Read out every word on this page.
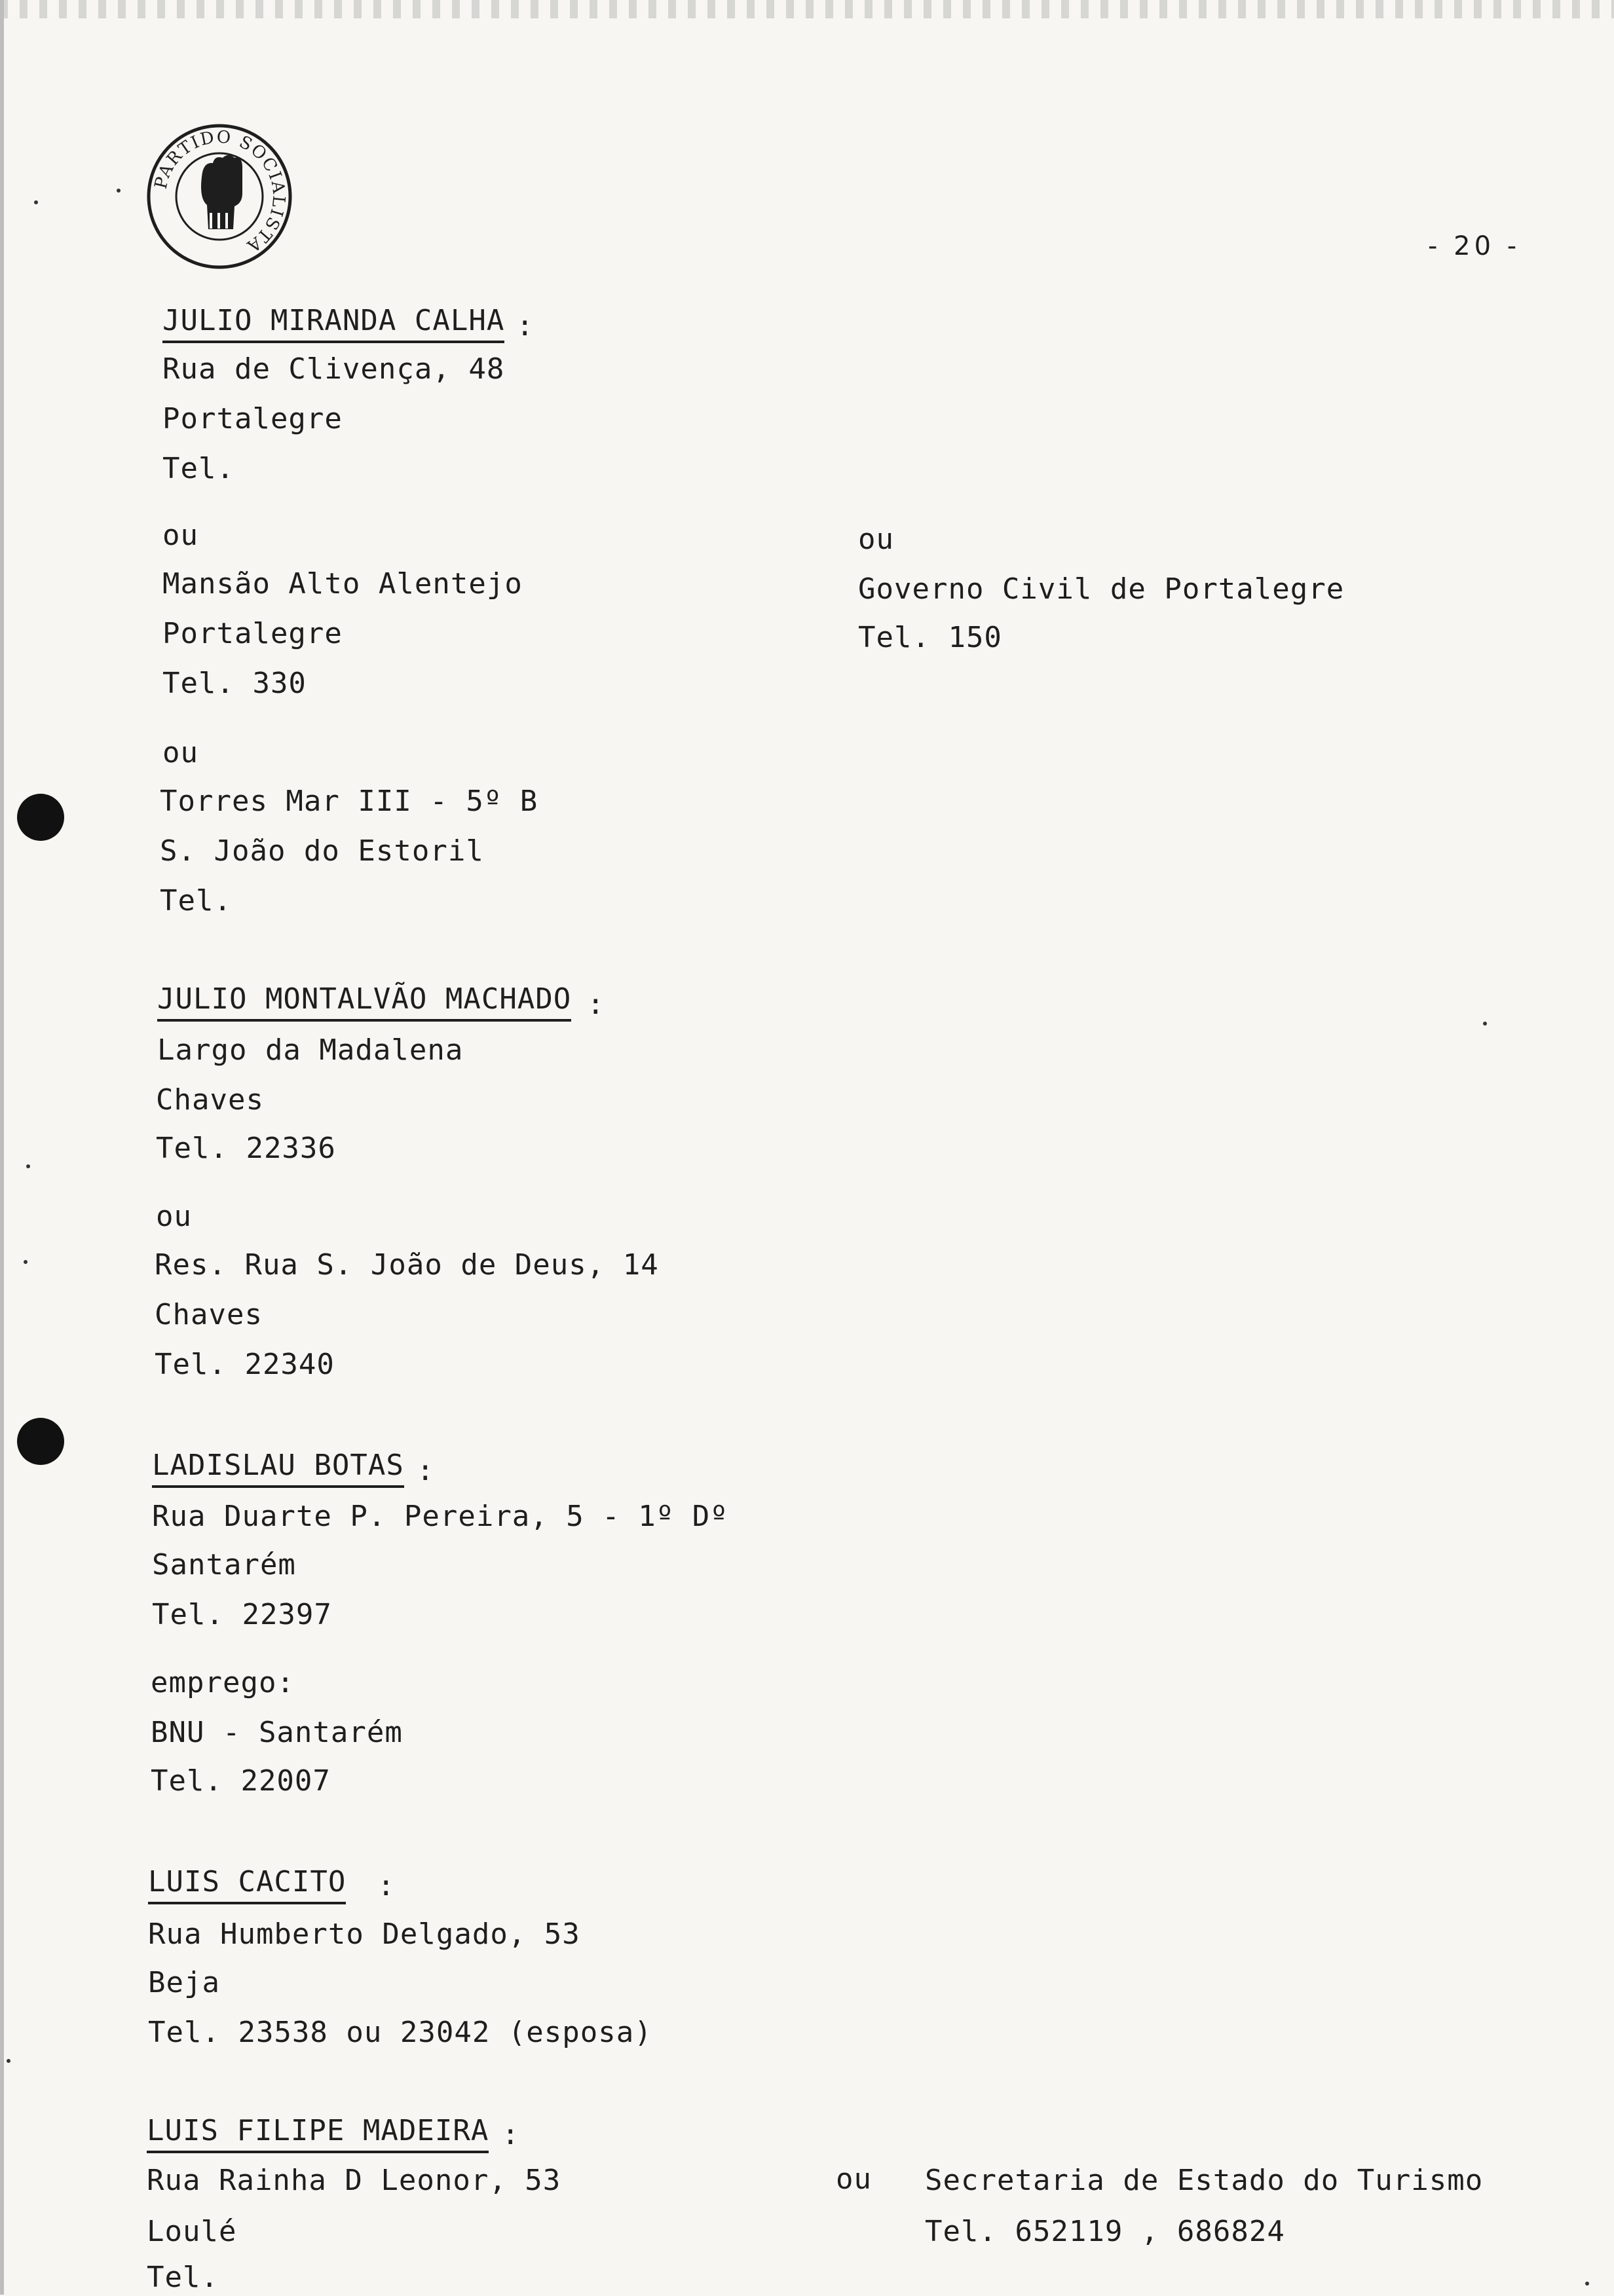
PARTIDO SOCIALISTA	- 20 -
JULIO MIRANDA CALHA :
Rua de Clivença, 48
Portalegre
Tel.
ou
Mansão Alto Alentejo
Portalegre
Tel. 330
ou
Torres Mar III - 5º B
S. João do Estoril
Tel.
ou
Governo Civil de Portalegre
Tel. 150
JULIO MONTALVÃO MACHADO :
Largo da Madalena
Chaves
Tel. 22336
ou
Res. Rua S. João de Deus, 14
Chaves
Tel. 22340
LADISLAU BOTAS :
Rua Duarte P. Pereira, 5 - 1º Dº
Santarém
Tel. 22397
emprego:
BNU - Santarém
Tel. 22007
LUIS CACITO :
Rua Humberto Delgado, 53
Beja
Tel. 23538 ou 23042 (esposa)
LUIS FILIPE MADEIRA :
Rua Rainha D Leonor, 53
Loulé
Tel.
ou Secretaria de Estado do Turismo
Tel. 652119 , 686824
